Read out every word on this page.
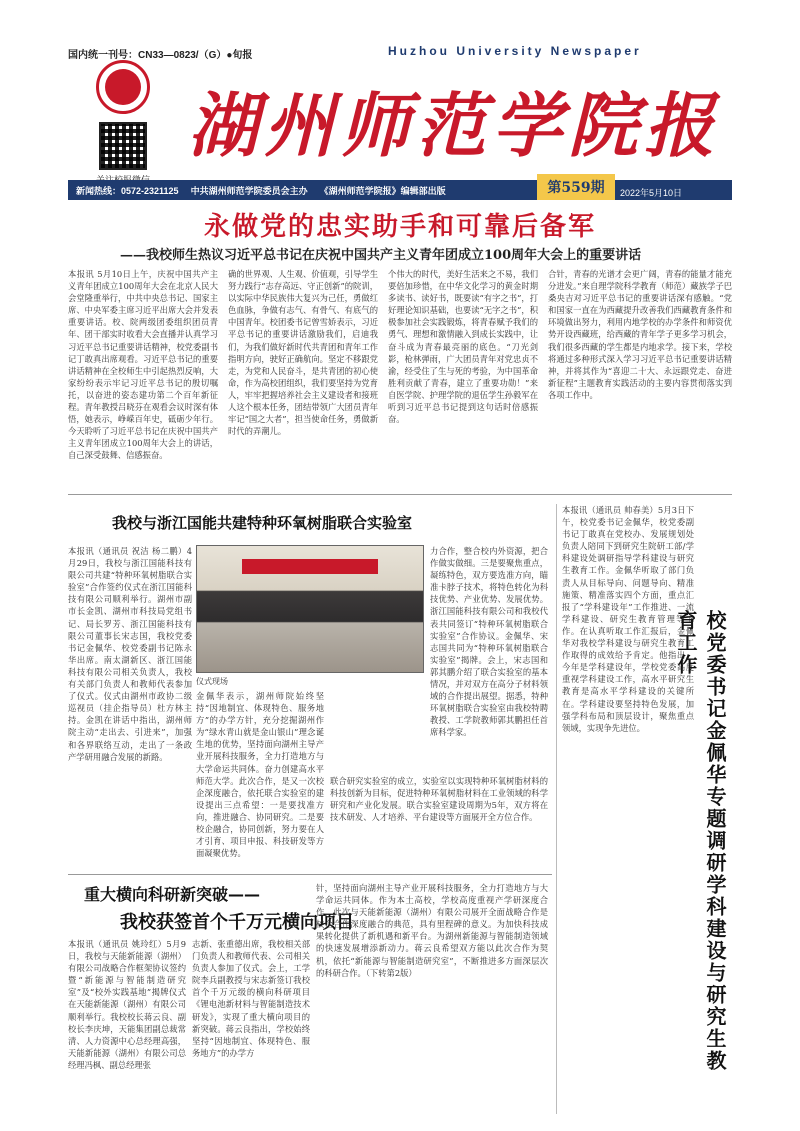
国内统一刊号：CN33—0823/（G）●旬报	Huzhou University Newspaper
湖州师范学院报
新闻热线：0572-2321125 中共湖州师范学院委员会主办 《湖州师范学院报》编辑部出版	第559期	2022年5月10日
永做党的忠实助手和可靠后备军
——我校师生热议习近平总书记在庆祝中国共产主义青年团成立100周年大会上的重要讲话
本报讯 5月10日上午，庆祝中国共产主义青年团成立100周年大会在北京人民大会堂隆重举行，中共中央总书记、国家主席、中央军委主席习近平出席大会并发表重要讲话。校、院两级团委组织团员青年、团干部实时收看大会直播并认真学习习近平总书记重要讲话精神，校党委副书记丁敢真出席观看。习近平总书记的重要讲话精神在全校师生中引起热烈反响，大家纷纷表示牢记习近平总书记的殷切嘱托，以奋进的姿态建功第二个百年新征程。青年教授吕晓芬在观看会议时深有体悟，她表示，峥嵘百年史，砥砺少年行。今天聆听了习近平总书记在庆祝中国共产主义青年团成立100周年大会上的讲话，自己深受鼓舞、信感振奋。
确的世界观、人生观、价值观，引导学生努力践行“志存高远、守正创新”的院训，以实际中华民族伟大复兴为己任，勇做红色血脉，争做有志气、有骨气、有底气的中国青年。校团委书记曾雪娇表示，习近平总书记的重要讲话激励我们，启迪我们，为我们做好新时代共青团和青年工作指明方向，驶好正确航向。坚定不移跟党走，为党和人民奋斗，是共青团的初心使命，作为高校团组织，我们要坚持为党育人，牢牢把握培养社会主义建设者和接班人这个根本任务，团结带领广大团员青年牢记“国之大者”，担当使命任务，勇做新时代的弄潮儿。
个伟大的时代，美好生活来之不易，我们要倍加珍惜，在中华文化学习的黄金时期多读书、读好书，既要读“有字之书”，打好理论知识基础，也要读“无字之书”，积极参加社会实践锻炼，将青春赋予我们的勇气、理想和激情融入到成长实践中，让奋斗成为青春最亮丽的底色。“刀光剑影，枪林弹雨，广大团员青年对党忠贞不渝，经受住了生与死的考验，为中国革命胜利贡献了青春，建立了重要功勋！”来自医学院、护理学院的退伍学生孙毅军在听到习近平总书记提到这句话时倍感振奋。
合针，青春的光谱才会更广阔，青春的能量才能充分进发。”来自理学院科学教育（师范）藏族学子巴桑央吉对习近平总书记的重要讲话深有感触。“党和国家一直在为西藏提升改善我们西藏教育条件和环境做出努力，利用内地学校的办学条件和师资优势开设西藏班，给西藏的青年学子更多学习机会，我们很多西藏的学生都是内地求学。接下来，学校将通过多种形式深入学习习近平总书记重要讲话精神，并将其作为“喜迎二十大、永远跟党走、奋进新征程”主题教育实践活动的主要内容贯彻落实到各项工作中。
我校与浙江国能共建特种环氧树脂联合实验室
本报讯（通讯员 祝洁 杨二鹏）4月29日，我校与浙江国能科技有限公司共建“特种环氧树脂联合实验室”合作签约仪式在浙江国能科技有限公司顺利举行。湖州市副市长金凯、湖州市科技局党组书记、局长罗芳、浙江国能科技有限公司董事长宋志国，我校党委书记金佩华、校党委副书记陈永华出席。南太湖新区、浙江国能科技有限公司相关负责人，我校有关部门负责人和教师代表参加了仪式。仪式由湖州市政协二级巡视员（挂企指导员）杜方林主持。金凯在讲话中指出，湖州师院主动“走出去、引进来”，加强和各界联络互动，走出了一条政产学研用融合发展的新路。
仪式现场
力合作，整合校内外资源，把合作做实做细。三是要聚焦重点，凝练特色，双方要选准方向，瞄准卡脖子技术，将特色转化为科技优势、产业优势、发展优势。浙江国能科技有限公司和我校代表共同签订“特种环氧树脂联合实验室”合作协议。金佩华、宋志国共同为“特种环氧树脂联合实验室”揭牌。会上，宋志国和郭其鹏介绍了联合实验室的基本情况，并对双方在高分子材料领域的合作提出展望。据悉，特种环氧树脂联合实验室由我校特聘教授、工学院教师郭其鹏担任首席科学家。
金佩华表示，湖州师院始终坚持“因地制宜、体现特色、服务地方”的办学方针，充分挖掘湖州作为“绿水青山就是金山银山”理念诞生地的优势，坚持面向湖州主导产业开展科技服务，全力打造地方与大学命运共同体。奋力创建高水平师范大学。此次合作，是又一次校企深度融合，依托联合实验室的建设提出三点希望：一是要找准方向，推进融合、协同研究。二是要校企融合，协同创新，努力要在人才引育、项目申报、科技研发等方面凝聚优势。
联合研究实验室的成立，实验室以实现特种环氧树脂材料的科技创新为目标，促进特种环氧树脂材料在工业领域的科学研究和产业化发展。联合实验室建设周期为5年，双方将在技术研发、人才培养、平台建设等方面展开全方位合作。
本报讯（通讯员 帅春美）5月3日下午，校党委书记金佩华，校党委副书记丁敢真在党校办、发展规划处负责人陪同下到研究生院研工部/学科建设处调研指导学科建设与研究生教育工作。金佩华听取了部门负责人从目标导向、问题导向、精准施策、精准落实四个方面，重点汇报了“学科建设年”工作推进、一流学科建设、研究生教育管理等工作。在认真听取工作汇报后，金佩华对我校学科建设与研究生教育工作取得的成效给予肯定。他指出，今年是学科建设年，学校党委高度重视学科建设工作，高水平研究生教育是高水平学科建设的关键所在。学科建设要坚持特色发展，加强学科布局和顶层设计，聚焦重点领域，实现争先进位。	校党委书记金佩华专题调研学科建设与研究生教育工作
重大横向科研新突破——
我校获签首个千万元横向项目
本报讯（通讯员 姚玲红）5月9日，我校与天能新能源（湖州）有限公司战略合作框架协议签约暨“新能源与智能制造研究室”及“校外实践基地”揭牌仪式在天能新能源（湖州）有限公司顺利举行。我校校长蒋云良、副校长李庆坤，天能集团副总裁常清、人力资源中心总经理高强，天能新能源（湖州）有限公司总经理冯枫、副总经理张
志新、张重德出席，我校相关部门负责人和教师代表、公司相关负责人参加了仪式。会上，工学院李兵副教授与宋志新签订我校首个千万元级的横向科研项目《锂电池新材料与智能制造技术研发》，实现了重大横向项目的新突破。蒋云良指出，学校始终坚持“因地制宜、体现特色、服务地方”的办学方
针，坚持面向湖州主导产业开展科技服务，全力打造地方与大学命运共同体。作为本土高校，学校高度重视产学研深度合作，此次与天能新能源（湖州）有限公司展开全面战略合作是校企合作深度融合的典范，具有里程碑的意义。为加快科技成果转化提供了新机遇和新平台。为湖州新能源与智能制造领域的快速发展增添新动力。蒋云良希望双方能以此次合作为契机，依托“新能源与智能制造研究室”，不断推进多方面深层次的科研合作。（下转第2版）
